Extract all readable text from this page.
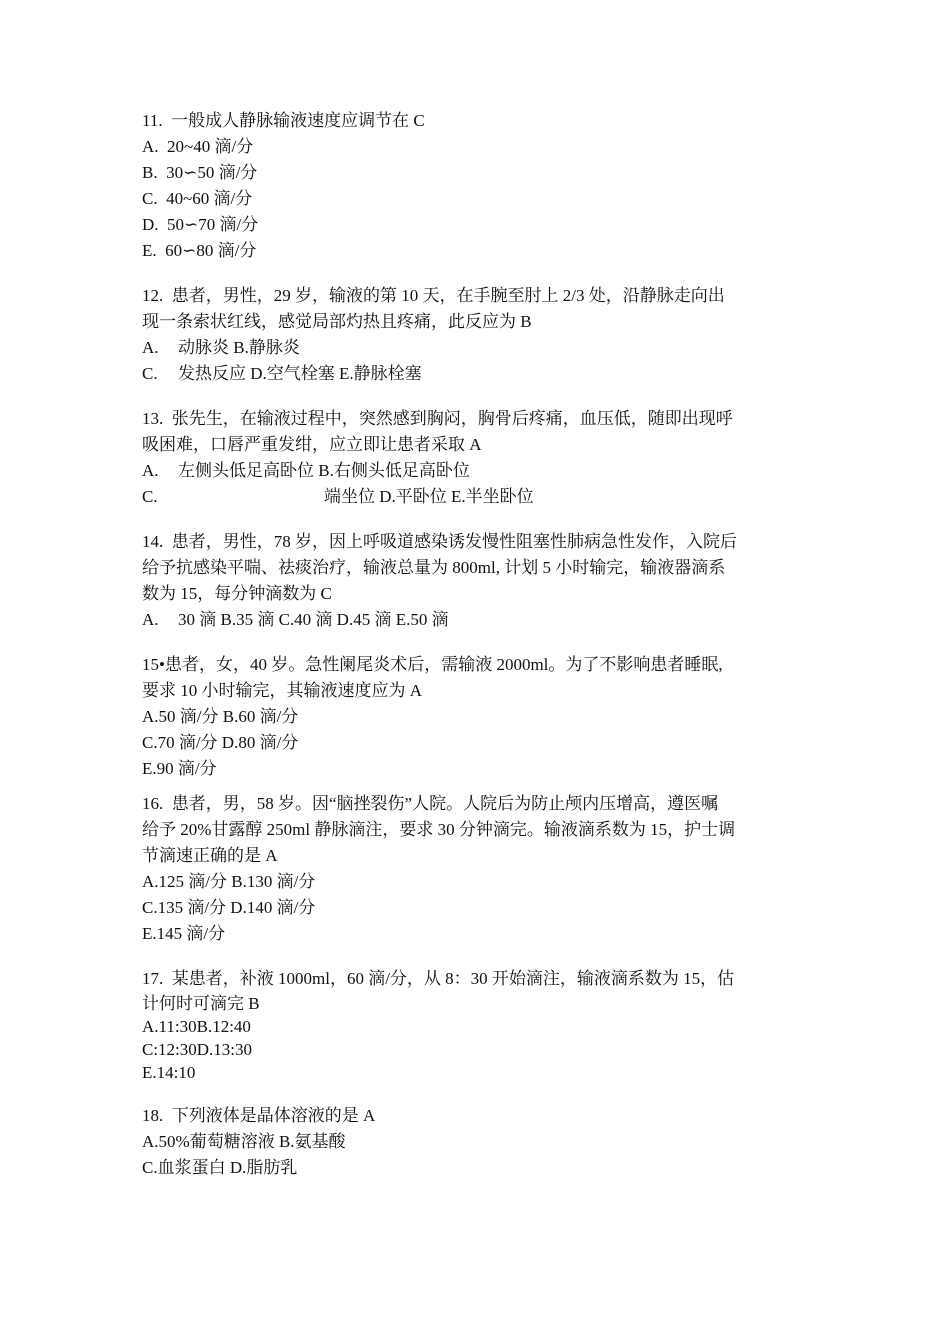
11.  一般成人静脉输液速度应调节在 C
A.  20~40 滴/分
B.  30∽50 滴/分
C.  40~60 滴/分
D.  50∽70 滴/分
E.  60∽80 滴/分
12.  患者，男性，29 岁，输液的第 10 天，在手腕至肘上 2/3 处，沿静脉走向出
现一条索状红线，感觉局部灼热且疼痛，此反应为 B
A. 动脉炎 B.静脉炎
C. 发热反应 D.空气栓塞 E.静脉栓塞
13.  张先生，在输液过程中，突然感到胸闷，胸骨后疼痛，血压低，随即出现呼
吸困难，口唇严重发绀，应立即让患者采取 A
A. 左侧头低足高卧位 B.右侧头低足高卧位
C.	端坐位 D.平卧位 E.半坐卧位
14.  患者，男性，78 岁，因上呼吸道感染诱发慢性阻塞性肺病急性发作，入院后
给予抗感染平喘、祛痰治疗，输液总量为 800ml, 计划 5 小时输完，输液器滴系
数为 15，每分钟滴数为 C
A. 30 滴 B.35 滴 C.40 滴 D.45 滴 E.50 滴
15•患者，女，40 岁。急性阑尾炎术后，需输液 2000ml。为了不影响患者睡眠,
要求 10 小时输完，其输液速度应为 A
A.50 滴/分 B.60 滴/分
C.70 滴/分 D.80 滴/分
E.90 滴/分
16.  患者，男，58 岁。因“脑挫裂伤”人院。人院后为防止颅内压增高，遵医嘱
给予 20%甘露醇 250ml 静脉滴注，要求 30 分钟滴完。输液滴系数为 15，护士调
节滴速正确的是 A
A.125 滴/分 B.130 滴/分
C.135 滴/分 D.140 滴/分
E.145 滴/分
17.  某患者，补液 1000ml，60 滴/分，从 8：30 开始滴注，输液滴系数为 15，估
计何时可滴完 B
A.11:30B.12:40
C:12:30D.13:30
E.14:10
18.  下列液体是晶体溶液的是 A
A.50%葡萄糖溶液 B.氨基酸
C.血浆蛋白 D.脂肪乳
